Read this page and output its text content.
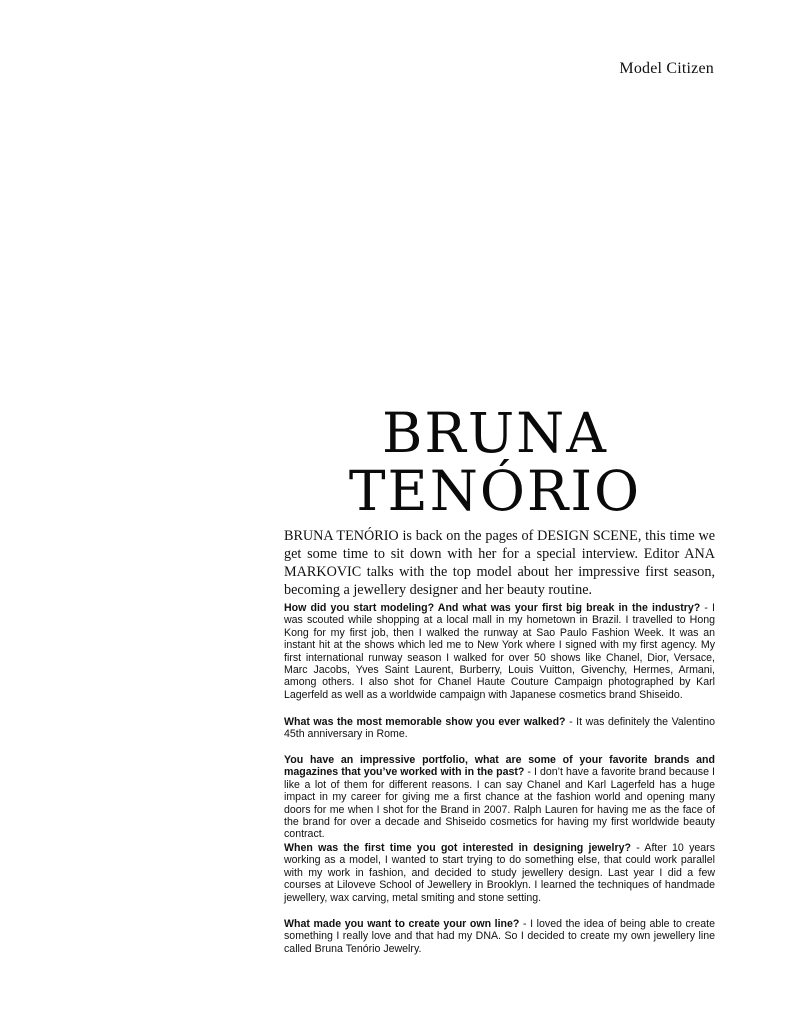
Model Citizen
BRUNA
TENÓRIO

BRUNA TENÓRIO is back on the pages of DESIGN SCENE, this time we get some time to sit down with her for a special interview. Editor ANA MARKOVIC talks with the top model about her impressive first season, becoming a jewellery designer and her beauty routine.

How did you start modeling? And what was your first big break in the industry? - I was scouted while shopping at a local mall in my hometown in Brazil. I travelled to Hong Kong for my first job, then I walked the runway at Sao Paulo Fashion Week. It was an instant hit at the shows which led me to New York where I signed with my first agency. My first international runway season I walked for over 50 shows like Chanel, Dior, Versace, Marc Jacobs, Yves Saint Laurent, Burberry, Louis Vuitton, Givenchy, Hermes, Armani, among others. I also shot for Chanel Haute Couture Campaign photographed by Karl Lagerfeld as well as a worldwide campaign with Japanese cosmetics brand Shiseido.

What was the most memorable show you ever walked? - It was definitely the Valentino 45th anniversary in Rome.

You have an impressive portfolio, what are some of your favorite brands and magazines that you’ve worked with in the past? - I don’t have a favorite brand because I like a lot of them for different reasons. I can say Chanel and Karl Lagerfeld has a huge impact in my career for giving me a first chance at the fashion world and opening many doors for me when I shot for the Brand in 2007. Ralph Lauren for having me as the face of the brand for over a decade and Shiseido cosmetics for having my first worldwide beauty contract.

When was the first time you got interested in designing jewelry? - After 10 years working as a model, I wanted to start trying to do something else, that could work parallel with my work in fashion, and decided to study jewellery design. Last year I did a few courses at Liloveve School of Jewellery in Brooklyn. I learned the techniques of handmade jewellery, wax carving, metal smiting and stone setting.

What made you want to create your own line? - I loved the idea of being able to create something I really love and that had my DNA. So I decided to create my own jewellery line called Bruna Tenório Jewelry.
